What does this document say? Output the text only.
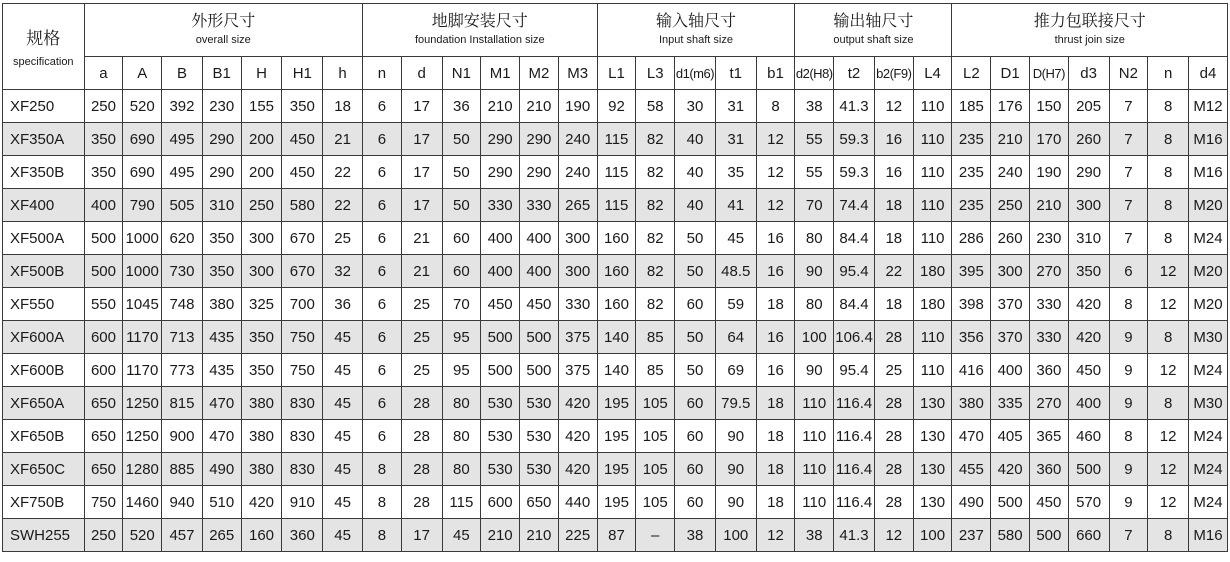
规格
specification	外形尺寸
overall size							地脚安装尺寸
foundation Installation size						输入轴尺寸
Input shaft size					输出轴尺寸
output shaft size				推力包联接尺寸
thrust join size						

	a	A	B	B1	H	H1	h	n	d	N1	M1	M2	M3	L1	L3	d1(m6)	t1	b1	d2(H8)	t2	b2(F9)	L4	L2	D1	D(H7)	d3	N2	n	d4
XF250	250	520	392	230	155	350	18	6	17	36	210	210	190	92	58	30	31	8	38	41.3	12	110	185	176	150	205	7	8	M12
XF350A	350	690	495	290	200	450	21	6	17	50	290	290	240	115	82	40	31	12	55	59.3	16	110	235	210	170	260	7	8	M16
XF350B	350	690	495	290	200	450	22	6	17	50	290	290	240	115	82	40	35	12	55	59.3	16	110	235	240	190	290	7	8	M16
XF400	400	790	505	310	250	580	22	6	17	50	330	330	265	115	82	40	41	12	70	74.4	18	110	235	250	210	300	7	8	M20
XF500A	500	1000	620	350	300	670	25	6	21	60	400	400	300	160	82	50	45	16	80	84.4	18	110	286	260	230	310	7	8	M24
XF500B	500	1000	730	350	300	670	32	6	21	60	400	400	300	160	82	50	48.5	16	90	95.4	22	180	395	300	270	350	6	12	M20
XF550	550	1045	748	380	325	700	36	6	25	70	450	450	330	160	82	60	59	18	80	84.4	18	180	398	370	330	420	8	12	M20
XF600A	600	1170	713	435	350	750	45	6	25	95	500	500	375	140	85	50	64	16	100	106.4	28	110	356	370	330	420	9	8	M30
XF600B	600	1170	773	435	350	750	45	6	25	95	500	500	375	140	85	50	69	16	90	95.4	25	110	416	400	360	450	9	12	M24
XF650A	650	1250	815	470	380	830	45	6	28	80	530	530	420	195	105	60	79.5	18	110	116.4	28	130	380	335	270	400	9	8	M30
XF650B	650	1250	900	470	380	830	45	6	28	80	530	530	420	195	105	60	90	18	110	116.4	28	130	470	405	365	460	8	12	M24
XF650C	650	1280	885	490	380	830	45	8	28	80	530	530	420	195	105	60	90	18	110	116.4	28	130	455	420	360	500	9	12	M24
XF750B	750	1460	940	510	420	910	45	8	28	115	600	650	440	195	105	60	90	18	110	116.4	28	130	490	500	450	570	9	12	M24
SWH255	250	520	457	265	160	360	45	8	17	45	210	210	225	87	–	38	100	12	38	41.3	12	100	237	580	500	660	7	8	M16
